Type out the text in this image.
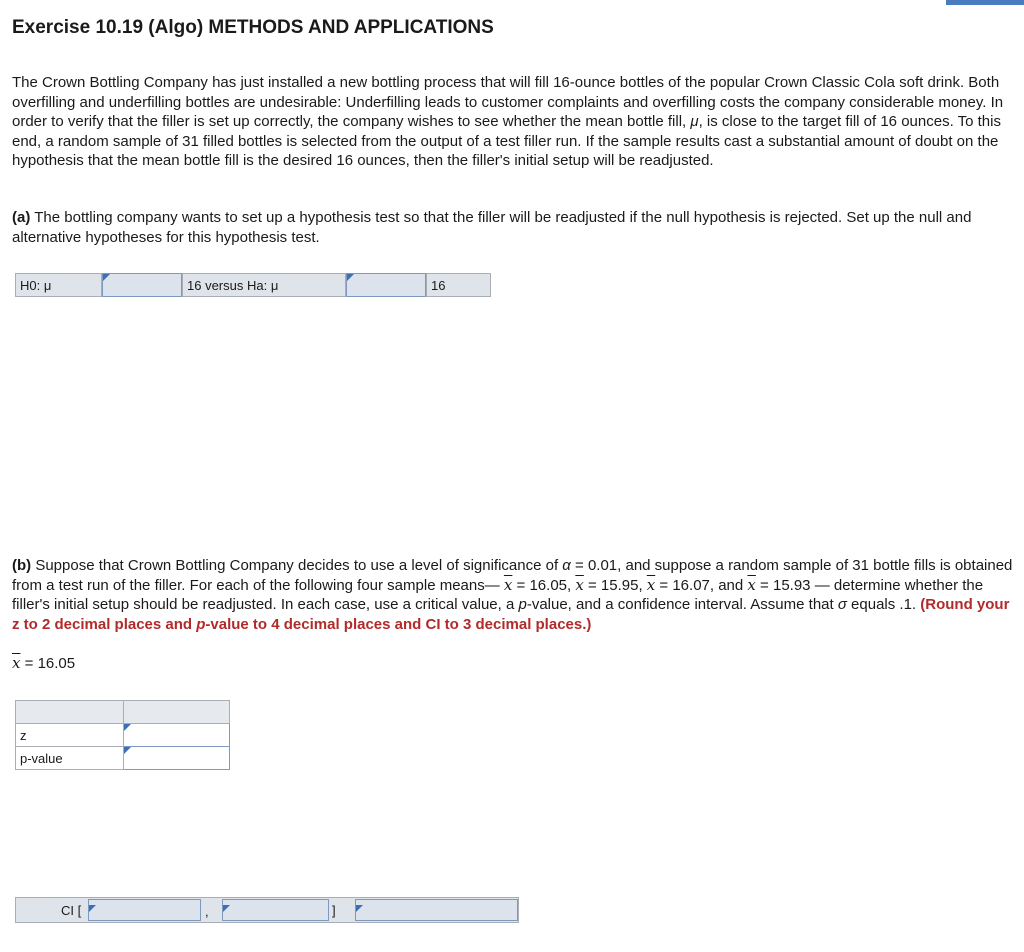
Exercise 10.19 (Algo) METHODS AND APPLICATIONS

The Crown Bottling Company has just installed a new bottling process that will fill 16-ounce bottles of the popular Crown Classic Cola soft drink. Both overfilling and underfilling bottles are undesirable: Underfilling leads to customer complaints and overfilling costs the company considerable money. In order to verify that the filler is set up correctly, the company wishes to see whether the mean bottle fill, μ, is close to the target fill of 16 ounces. To this end, a random sample of 31 filled bottles is selected from the output of a test filler run. If the sample results cast a substantial amount of doubt on the hypothesis that the mean bottle fill is the desired 16 ounces, then the filler's initial setup will be readjusted.

(a) The bottling company wants to set up a hypothesis test so that the filler will be readjusted if the null hypothesis is rejected. Set up the null and alternative hypotheses for this hypothesis test.

H0: μ	16 versus Ha: μ	16

(b) Suppose that Crown Bottling Company decides to use a level of significance of α = 0.01, and suppose a random sample of 31 bottle fills is obtained from a test run of the filler. For each of the following four sample means— $\overline{x} = 16.05$, $\overline{x} = 15.95$, $\overline{x} = 16.07$, and $\overline{x} = 15.93$ — determine whether the filler's initial setup should be readjusted. In each case, use a critical value, a p-value, and a confidence interval. Assume that σ equals .1. (Round your z to 2 decimal places and p-value to 4 decimal places and CI to 3 decimal places.)

$\overline{x} = 16.05$

z	

p-value	
CI [	,	]
